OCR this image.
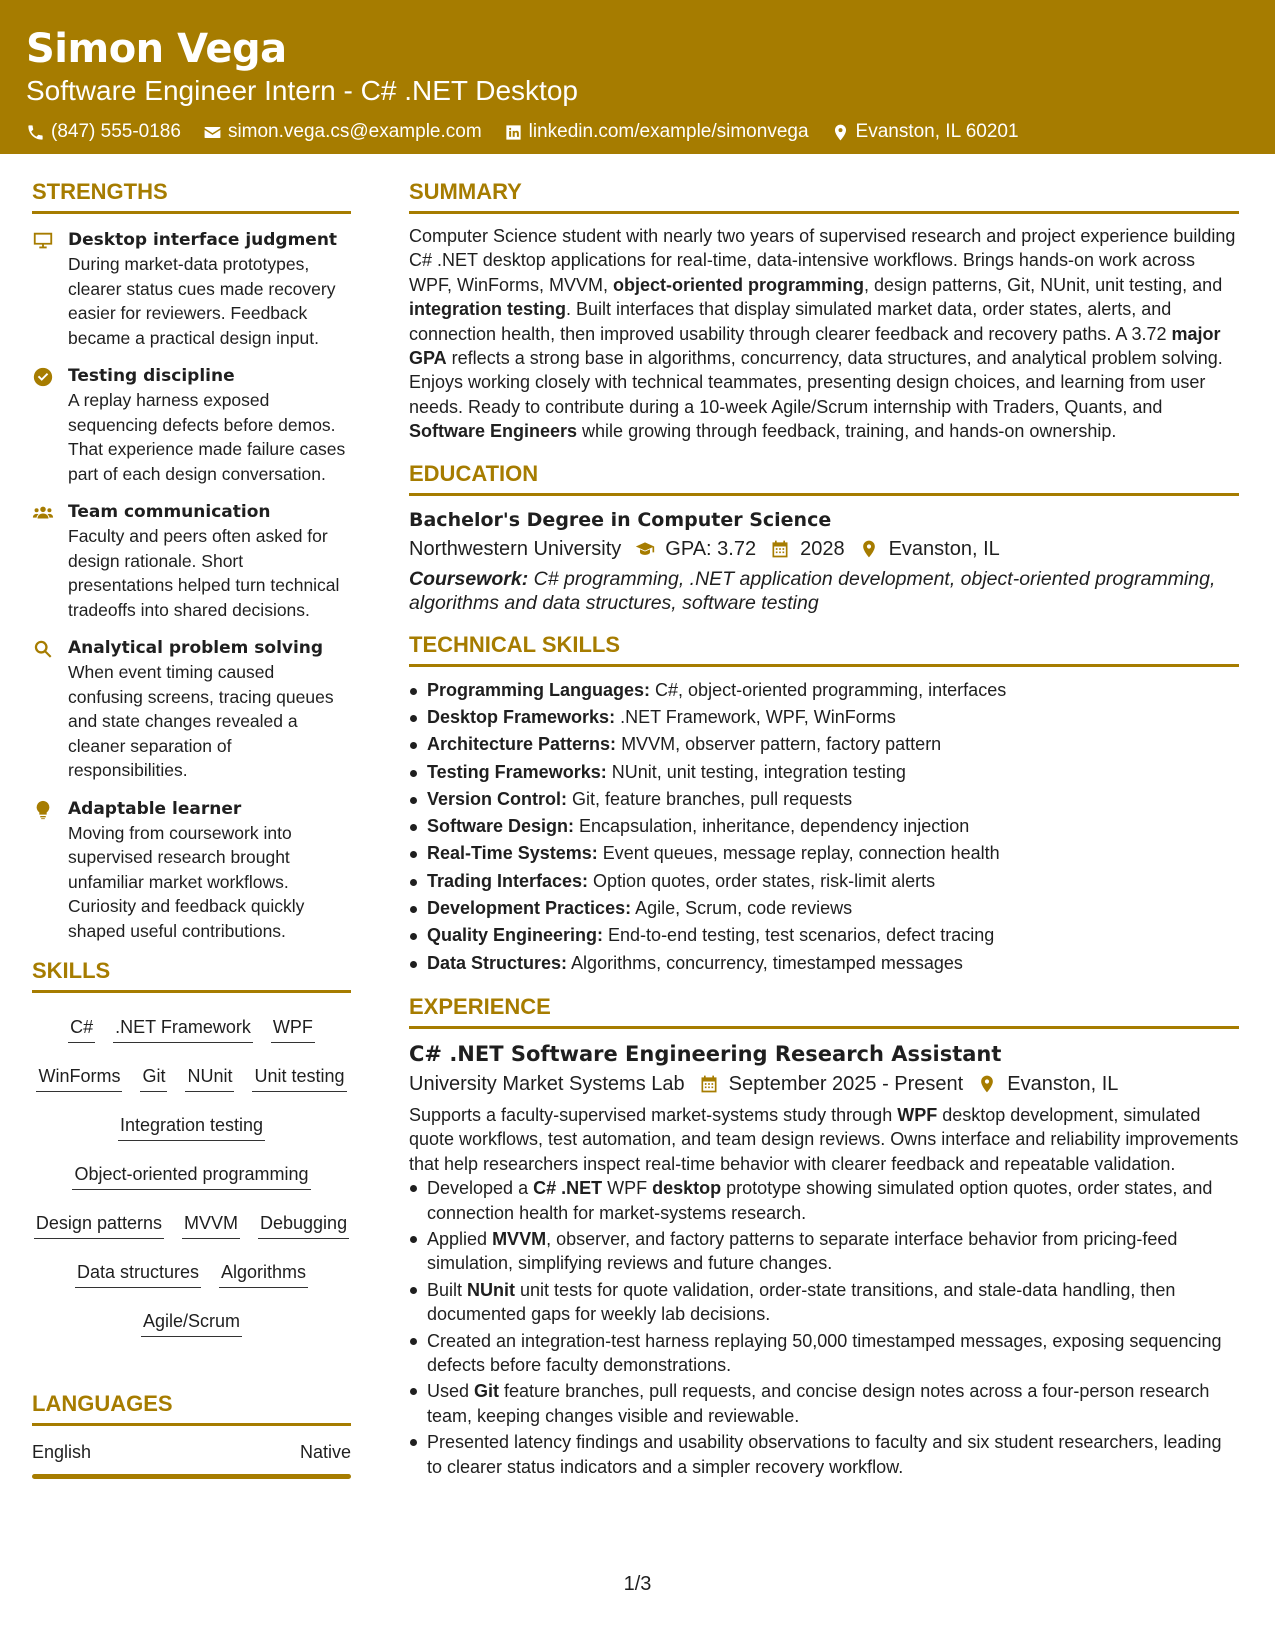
Simon Vega
Software Engineer Intern - C# .NET Desktop
(847) 555-0186 simon.vega.cs@example.com linkedin.com/example/simonvega Evanston, IL 60201
STRENGTHS
Desktop interface judgment
During market-data prototypes, clearer status cues made recovery easier for reviewers. Feedback became a practical design input.
Testing discipline
A replay harness exposed sequencing defects before demos. That experience made failure cases part of each design conversation.
Team communication
Faculty and peers often asked for design rationale. Short presentations helped turn technical tradeoffs into shared decisions.
Analytical problem solving
When event timing caused confusing screens, tracing queues and state changes revealed a cleaner separation of responsibilities.
Adaptable learner
Moving from coursework into supervised research brought unfamiliar market workflows. Curiosity and feedback quickly shaped useful contributions.
SKILLS
C# .NET Framework WPF
WinForms Git NUnit Unit testing
Integration testing
Object-oriented programming
Design patterns MVVM Debugging
Data structures Algorithms
Agile/Scrum
LANGUAGES
English	Native
SUMMARY

Computer Science student with nearly two years of supervised research and project experience building C# .NET desktop applications for real-time, data-intensive workflows. Brings hands-on work across WPF, WinForms, MVVM, object-oriented programming, design patterns, Git, NUnit, unit testing, and integration testing. Built interfaces that display simulated market data, order states, alerts, and connection health, then improved usability through clearer feedback and recovery paths. A 3.72 major GPA reflects a strong base in algorithms, concurrency, data structures, and analytical problem solving. Enjoys working closely with technical teammates, presenting design choices, and learning from user needs. Ready to contribute during a 10-week Agile/Scrum internship with Traders, Quants, and Software Engineers while growing through feedback, training, and hands-on ownership.

EDUCATION
Bachelor's Degree in Computer Science
Northwestern University GPA: 3.72 2028 Evanston, IL
Coursework: C# programming, .NET application development, object-oriented programming, algorithms and data structures, software testing
TECHNICAL SKILLS
Programming Languages: C#, object-oriented programming, interfaces
Desktop Frameworks: .NET Framework, WPF, WinForms
Architecture Patterns: MVVM, observer pattern, factory pattern
Testing Frameworks: NUnit, unit testing, integration testing
Version Control: Git, feature branches, pull requests
Software Design: Encapsulation, inheritance, dependency injection
Real-Time Systems: Event queues, message replay, connection health
Trading Interfaces: Option quotes, order states, risk-limit alerts
Development Practices: Agile, Scrum, code reviews
Quality Engineering: End-to-end testing, test scenarios, defect tracing
Data Structures: Algorithms, concurrency, timestamped messages
EXPERIENCE
C# .NET Software Engineering Research Assistant
University Market Systems Lab September 2025 - Present Evanston, IL

Supports a faculty-supervised market-systems study through WPF desktop development, simulated quote workflows, test automation, and team design reviews. Owns interface and reliability improvements that help researchers inspect real-time behavior with clearer feedback and repeatable validation.

Developed a C# .NET WPF desktop prototype showing simulated option quotes, order states, and connection health for market-systems research.
Applied MVVM, observer, and factory patterns to separate interface behavior from pricing-feed simulation, simplifying reviews and future changes.
Built NUnit unit tests for quote validation, order-state transitions, and stale-data handling, then documented gaps for weekly lab decisions.
Created an integration-test harness replaying 50,000 timestamped messages, exposing sequencing defects before faculty demonstrations.
Used Git feature branches, pull requests, and concise design notes across a four-person research team, keeping changes visible and reviewable.
Presented latency findings and usability observations to faculty and six student researchers, leading to clearer status indicators and a simpler recovery workflow.
1/3
